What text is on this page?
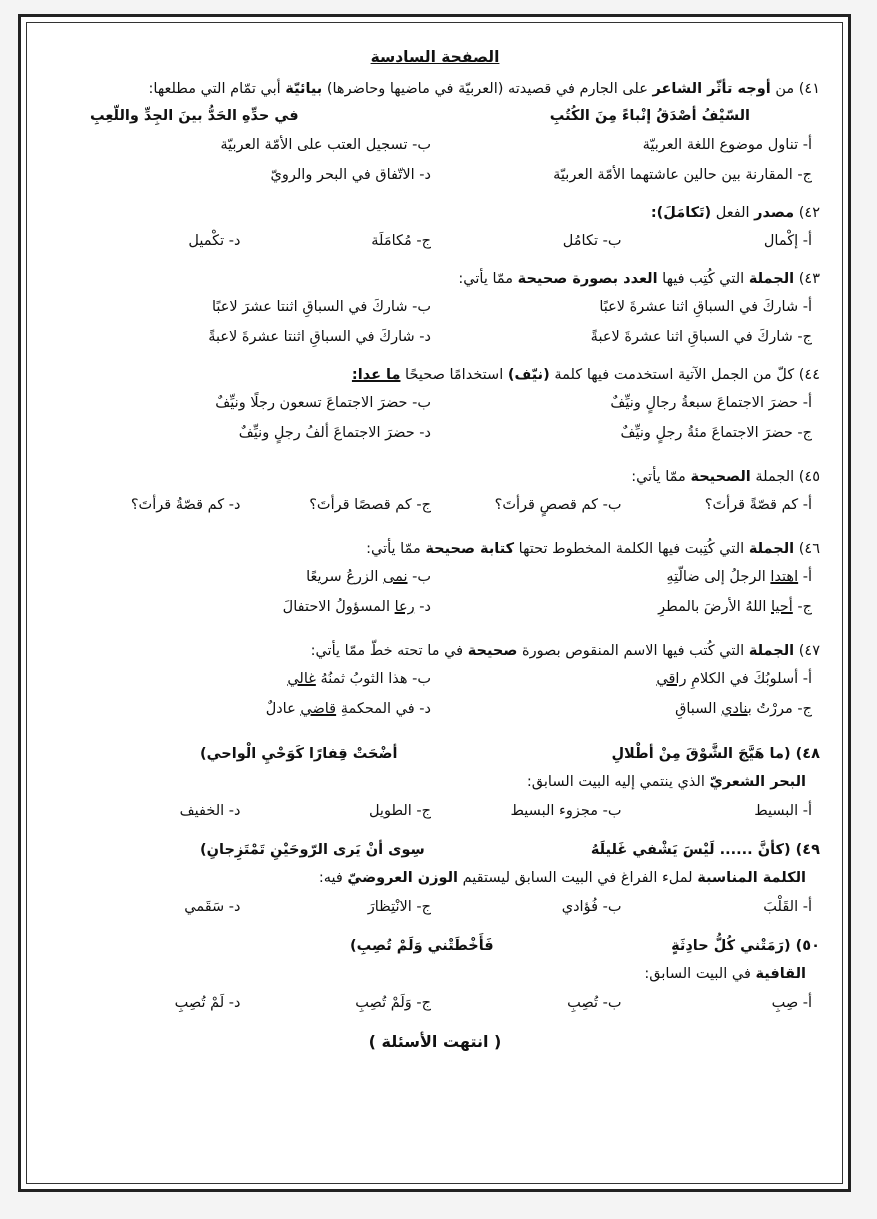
الصفحة السادسة
٤١) من أوجه تأثّر الشاعر على الجارم في قصيدته (العربيّة في ماضيها وحاضرها) بيائيّة أبي تمّام التي مطلعها:
السّيْفُ أصْدَقُ إنْباءً مِنَ الكُتُبِ
في حدِّهِ الحَدُّ بينَ الجِدِّ واللّعِبِ
أ- تناول موضوع اللغة العربيّة
ب- تسجيل العتب على الأمّة العربيّة
ج- المقارنة بين حالين عاشتهما الأمّة العربيّة
د- الاتّفاق في البحر والرويّ
٤٢) مصدر الفعل (تَكامَلَ):
أ- إكْمال
ب- تكامُل
ج- مُكامَلَة
د- تكْميل
٤٣) الجملة التي كُتِب فيها العدد بصورة صحيحة ممّا يأتي:
أ- شاركَ في السباقِ اثنا عشرةَ لاعبًا
ب- شاركَ في السباقِ اثنتا عشرَ لاعبًا
ج- شاركَ في السباقِ اثنا عشرةَ لاعبةً
د- شاركَ في السباقِ اثنتا عشرةَ لاعبةً
٤٤) كلّ من الجمل الآتية استخدمت فيها كلمة (نيّف) استخدامًا صحيحًا ما عدا:
أ- حضرَ الاجتماعَ سبعةُ رجالٍ ونيِّفٌ
ب- حضرَ الاجتماعَ تسعون رجلًا ونيِّفٌ
ج- حضرَ الاجتماعَ مئةُ رجلٍ ونيِّفٌ
د- حضرَ الاجتماعَ ألفُ رجلٍ ونيِّفٌ
٤٥) الجملة الصحيحة ممّا يأتي:
أ- كم قصّةً قرأتَ؟
ب- كم قصصٍ قرأتَ؟
ج- كم قصصًا قرأتَ؟
د- كم قصّةُ قرأتَ؟
٤٦) الجملة التي كُتِبت فيها الكلمة المخطوط تحتها كتابة صحيحة ممّا يأتي:
أ- اهتدا الرجلُ إلى ضالّتِهِ
ب- نمى الزرعُ سريعًا
ج- أحيا اللهُ الأرضَ بالمطرِ
د- رعا المسؤولُ الاحتفالَ
٤٧) الجملة التي كُتب فيها الاسم المنقوص بصورة صحيحة في ما تحته خطّ ممّا يأتي:
أ- أسلوبُكَ في الكلامِ راقي
ب- هذا الثوبُ ثمنُهُ غالي
ج- مررْتُ بنادي السباقِ
د- في المحكمةِ قاضي عادلٌ
٤٨) (ما هَيَّجَ الشَّوْقَ مِنْ أطْلالِ
أضْحَتْ قِفارًا كَوَحْيِ الْواحي)
البحر الشعريّ الذي ينتمي إليه البيت السابق:
أ- البسيط
ب- مجزوء البسيط
ج- الطويل
د- الخفيف
٤٩) (كأنَّ ...... لَيْسَ يَشْفي غَليلَهُ
سِوى أنْ يَرى الرّوحَيْنِ تَمْتَزِجانِ)
الكلمة المناسبة لملء الفراغ في البيت السابق ليستقيم الوزن العروضيّ فيه:
أ- القَلْبَ
ب- فُؤادي
ج- الانْتِظارَ
د- سَقَمي
٥٠) (رَمَتْني كُلُّ حادِثَةٍ
فَأَخْطَتْني وَلَمْ تُصِبِ)
القافية في البيت السابق:
أ- صِبِ
ب- تُصِبِ
ج- وَلَمْ تُصِبِ
د- لَمْ تُصِبِ
( انتهت الأسئلة )
